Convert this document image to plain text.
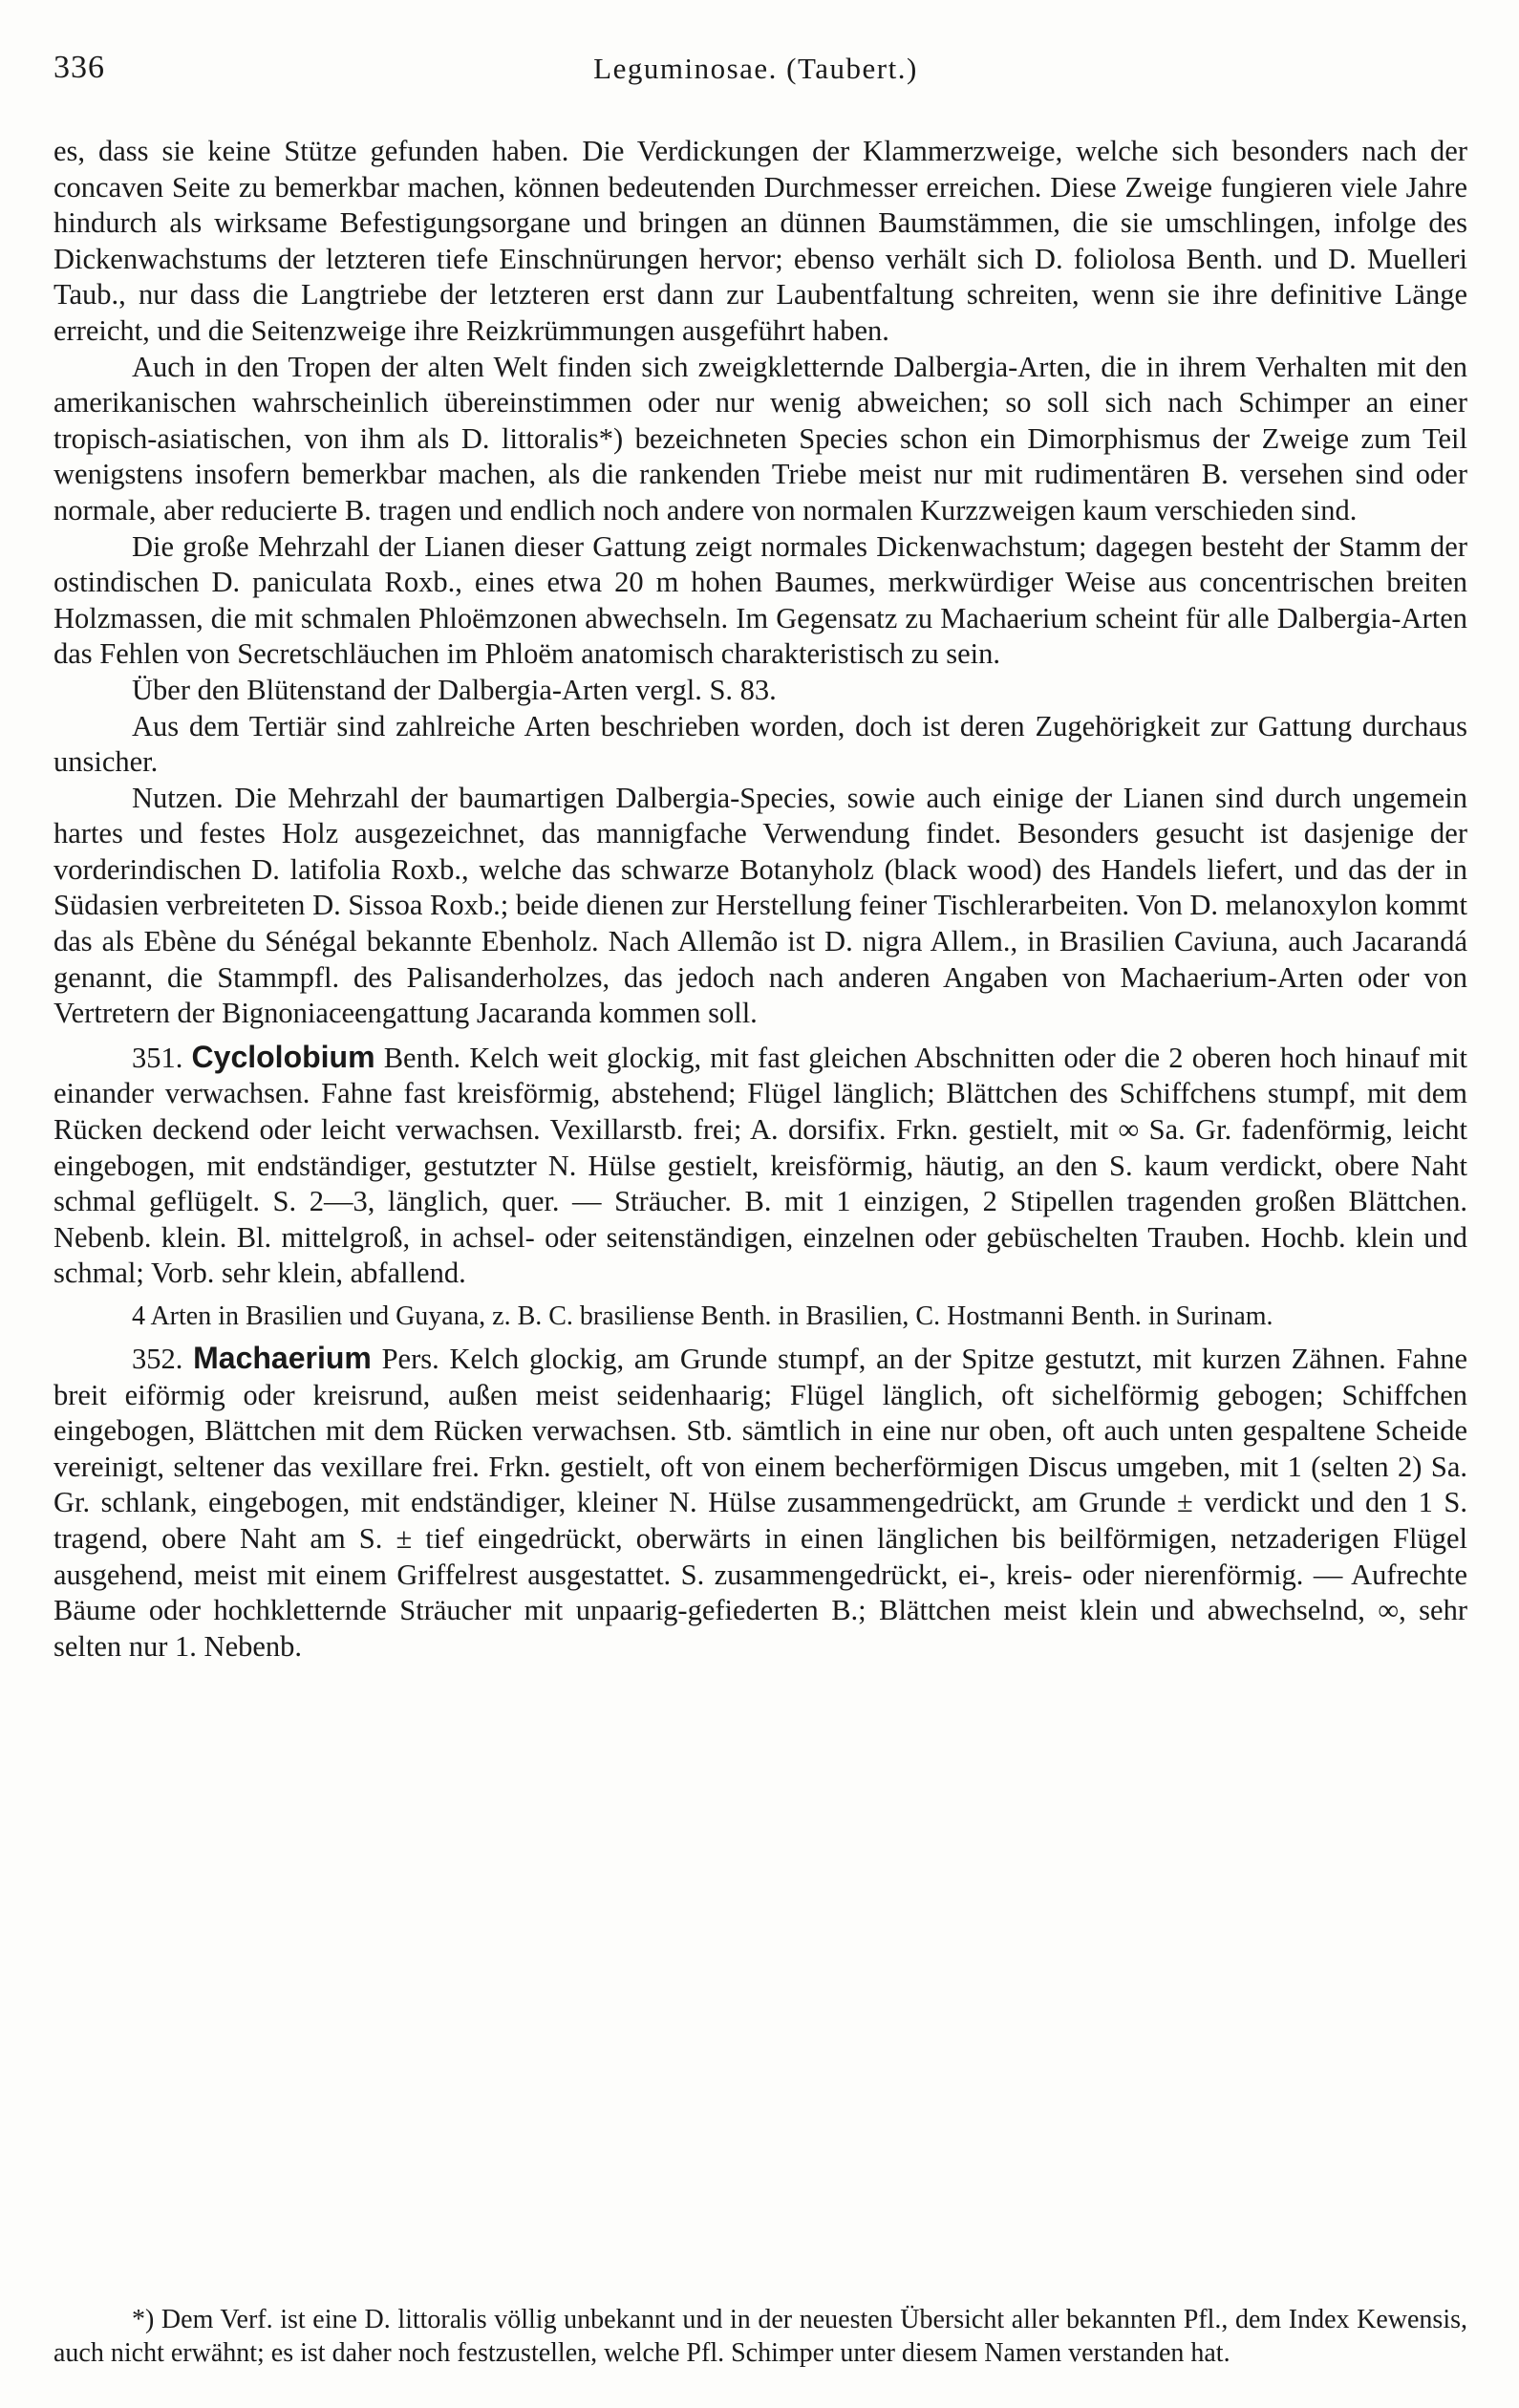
336	Leguminosae. (Taubert.)

es, dass sie keine Stütze gefunden haben. Die Verdickungen der Klammerzweige, welche sich besonders nach der concaven Seite zu bemerkbar machen, können bedeutenden Durchmesser erreichen. Diese Zweige fungieren viele Jahre hindurch als wirksame Befestigungsorgane und bringen an dünnen Baumstämmen, die sie umschlingen, infolge des Dickenwachstums der letzteren tiefe Einschnürungen hervor; ebenso verhält sich D. foliolosa Benth. und D. Muelleri Taub., nur dass die Langtriebe der letzteren erst dann zur Laubentfaltung schreiten, wenn sie ihre definitive Länge erreicht, und die Seitenzweige ihre Reizkrümmungen ausgeführt haben.

Auch in den Tropen der alten Welt finden sich zweigkletternde Dalbergia-Arten, die in ihrem Verhalten mit den amerikanischen wahrscheinlich übereinstimmen oder nur wenig abweichen; so soll sich nach Schimper an einer tropisch-asiatischen, von ihm als D. littoralis*) bezeichneten Species schon ein Dimorphismus der Zweige zum Teil wenigstens insofern bemerkbar machen, als die rankenden Triebe meist nur mit rudimentären B. versehen sind oder normale, aber reducierte B. tragen und endlich noch andere von normalen Kurzzweigen kaum verschieden sind.

Die große Mehrzahl der Lianen dieser Gattung zeigt normales Dickenwachstum; dagegen besteht der Stamm der ostindischen D. paniculata Roxb., eines etwa 20 m hohen Baumes, merkwürdiger Weise aus concentrischen breiten Holzmassen, die mit schmalen Phloëmzonen abwechseln. Im Gegensatz zu Machaerium scheint für alle Dalbergia-Arten das Fehlen von Secretschläuchen im Phloëm anatomisch charakteristisch zu sein.

Über den Blütenstand der Dalbergia-Arten vergl. S. 83.

Aus dem Tertiär sind zahlreiche Arten beschrieben worden, doch ist deren Zugehörigkeit zur Gattung durchaus unsicher.

Nutzen. Die Mehrzahl der baumartigen Dalbergia-Species, sowie auch einige der Lianen sind durch ungemein hartes und festes Holz ausgezeichnet, das mannigfache Verwendung findet. Besonders gesucht ist dasjenige der vorderindischen D. latifolia Roxb., welche das schwarze Botanyholz (black wood) des Handels liefert, und das der in Südasien verbreiteten D. Sissoa Roxb.; beide dienen zur Herstellung feiner Tischlerarbeiten. Von D. melanoxylon kommt das als Ebène du Sénégal bekannte Ebenholz. Nach Allemão ist D. nigra Allem., in Brasilien Caviuna, auch Jacarandá genannt, die Stammpfl. des Palisanderholzes, das jedoch nach anderen Angaben von Machaerium-Arten oder von Vertretern der Bignoniaceengattung Jacaranda kommen soll.

351. Cyclolobium Benth. Kelch weit glockig, mit fast gleichen Abschnitten oder die 2 oberen hoch hinauf mit einander verwachsen. Fahne fast kreisförmig, abstehend; Flügel länglich; Blättchen des Schiffchens stumpf, mit dem Rücken deckend oder leicht verwachsen. Vexillarstb. frei; A. dorsifix. Frkn. gestielt, mit ∞ Sa. Gr. fadenförmig, leicht eingebogen, mit endständiger, gestutzter N. Hülse gestielt, kreisförmig, häutig, an den S. kaum verdickt, obere Naht schmal geflügelt. S. 2—3, länglich, quer. — Sträucher. B. mit 1 einzigen, 2 Stipellen tragenden großen Blättchen. Nebenb. klein. Bl. mittelgroß, in achsel- oder seitenständigen, einzelnen oder gebüschelten Trauben. Hochb. klein und schmal; Vorb. sehr klein, abfallend.

4 Arten in Brasilien und Guyana, z. B. C. brasiliense Benth. in Brasilien, C. Hostmanni Benth. in Surinam.

352. Machaerium Pers. Kelch glockig, am Grunde stumpf, an der Spitze gestutzt, mit kurzen Zähnen. Fahne breit eiförmig oder kreisrund, außen meist seidenhaarig; Flügel länglich, oft sichelförmig gebogen; Schiffchen eingebogen, Blättchen mit dem Rücken verwachsen. Stb. sämtlich in eine nur oben, oft auch unten gespaltene Scheide vereinigt, seltener das vexillare frei. Frkn. gestielt, oft von einem becherförmigen Discus umgeben, mit 1 (selten 2) Sa. Gr. schlank, eingebogen, mit endständiger, kleiner N. Hülse zusammengedrückt, am Grunde ± verdickt und den 1 S. tragend, obere Naht am S. ± tief eingedrückt, oberwärts in einen länglichen bis beilförmigen, netzaderigen Flügel ausgehend, meist mit einem Griffelrest ausgestattet. S. zusammengedrückt, ei-, kreis- oder nierenförmig. — Aufrechte Bäume oder hochkletternde Sträucher mit unpaarig-gefiederten B.; Blättchen meist klein und abwechselnd, ∞, sehr selten nur 1. Nebenb.

*) Dem Verf. ist eine D. littoralis völlig unbekannt und in der neuesten Übersicht aller bekannten Pfl., dem Index Kewensis, auch nicht erwähnt; es ist daher noch festzustellen, welche Pfl. Schimper unter diesem Namen verstanden hat.
